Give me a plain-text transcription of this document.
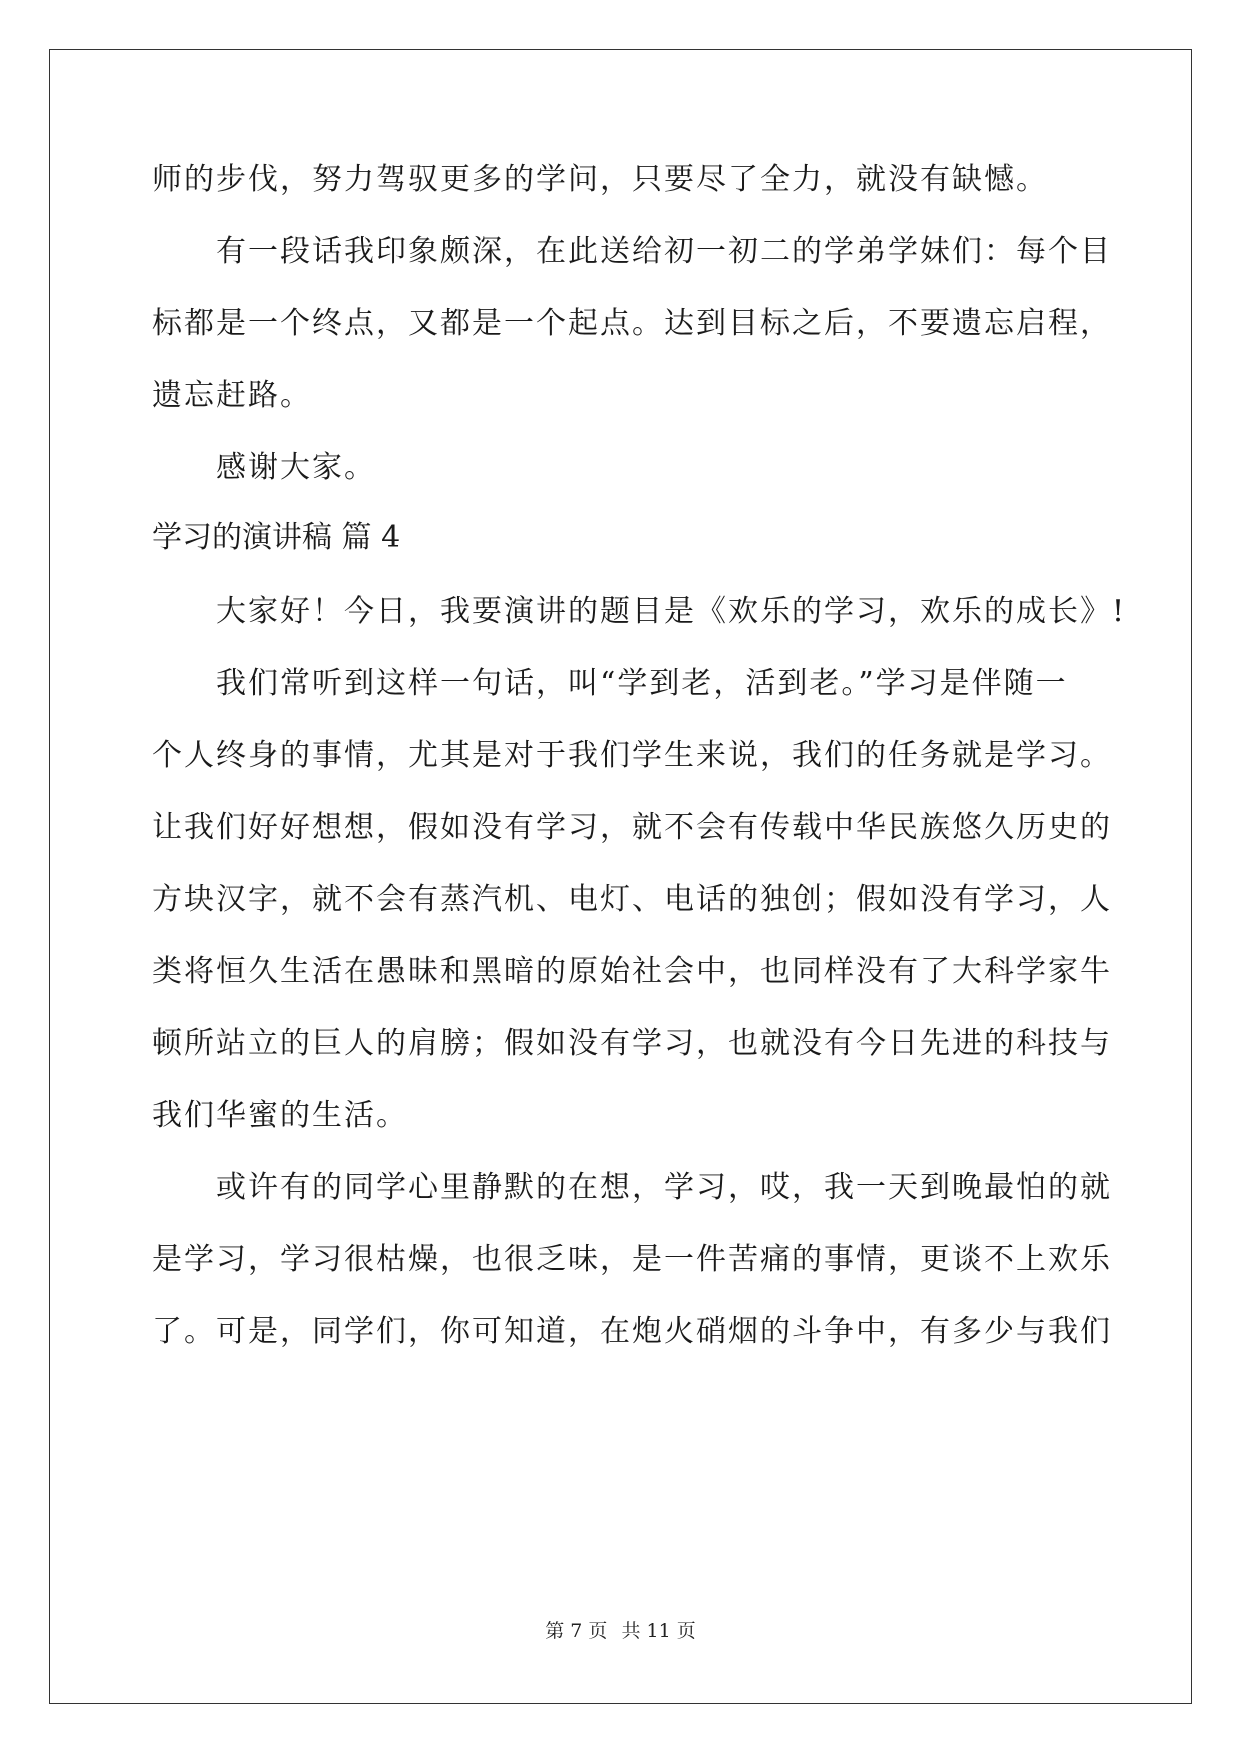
师的步伐，努力驾驭更多的学问，只要尽了全力，就没有缺憾。
　　有一段话我印象颇深，在此送给初一初二的学弟学妹们：每个目
标都是一个终点，又都是一个起点。达到目标之后，不要遗忘启程，
遗忘赶路。
　　感谢大家。
学习的演讲稿 篇 4
　　大家好！今日，我要演讲的题目是《欢乐的学习，欢乐的成长》!
　　我们常听到这样一句话，叫“学到老，活到老。”学习是伴随一
个人终身的事情，尤其是对于我们学生来说，我们的任务就是学习。
让我们好好想想，假如没有学习，就不会有传载中华民族悠久历史的
方块汉字，就不会有蒸汽机、电灯、电话的独创；假如没有学习，人
类将恒久生活在愚昧和黑暗的原始社会中，也同样没有了大科学家牛
顿所站立的巨人的肩膀；假如没有学习，也就没有今日先进的科技与
我们华蜜的生活。
　　或许有的同学心里静默的在想，学习，哎，我一天到晚最怕的就
是学习，学习很枯燥，也很乏味，是一件苦痛的事情，更谈不上欢乐
了。可是，同学们，你可知道，在炮火硝烟的斗争中，有多少与我们
第 7 页 共 11 页
